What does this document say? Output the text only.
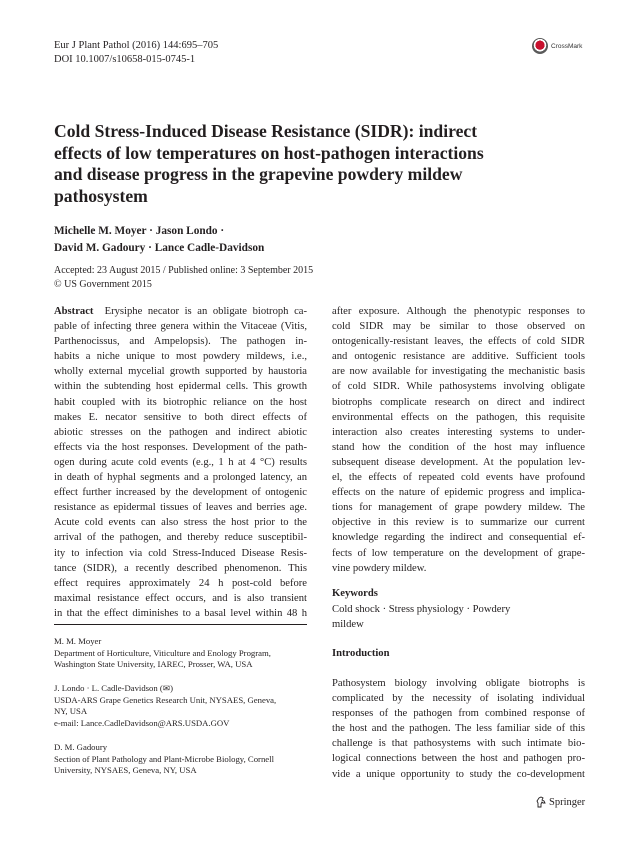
Eur J Plant Pathol (2016) 144:695–705
DOI 10.1007/s10658-015-0745-1
CrossMark
Cold Stress-Induced Disease Resistance (SIDR): indirect
effects of low temperatures on host-pathogen interactions
and disease progress in the grapevine powdery mildew
pathosystem
Michelle M. Moyer · Jason Londo ·
David M. Gadoury · Lance Cadle-Davidson
Accepted: 23 August 2015 / Published online: 3 September 2015
© US Government 2015
Abstract Erysiphe necator is an obligate biotroph ca-
pable of infecting three genera within the Vitaceae (Vitis,
Parthenocissus, and Ampelopsis). The pathogen in-
habits a niche unique to most powdery mildews, i.e.,
wholly external mycelial growth supported by haustoria
within the subtending host epidermal cells. This growth
habit coupled with its biotrophic reliance on the host
makes E. necator sensitive to both direct effects of
abiotic stresses on the pathogen and indirect abiotic
effects via the host responses. Development of the path-
ogen during acute cold events (e.g., 1 h at 4 °C) results
in death of hyphal segments and a prolonged latency, an
effect further increased by the development of ontogenic
resistance as epidermal tissues of leaves and berries age.
Acute cold events can also stress the host prior to the
arrival of the pathogen, and thereby reduce susceptibil-
ity to infection via cold Stress-Induced Disease Resis-
tance (SIDR), a recently described phenomenon. This
effect requires approximately 24 h post-cold before
maximal resistance effect occurs, and is also transient
in that the effect diminishes to a basal level within 48 h
after exposure. Although the phenotypic responses to
cold SIDR may be similar to those observed on
ontogenically-resistant leaves, the effects of cold SIDR
and ontogenic resistance are additive. Sufficient tools
are now available for investigating the mechanistic basis
of cold SIDR. While pathosystems involving obligate
biotrophs complicate research on direct and indirect
environmental effects on the pathogen, this requisite
interaction also creates interesting systems to under-
stand how the condition of the host may influence
subsequent disease development. At the population lev-
el, the effects of repeated cold events have profound
effects on the nature of epidemic progress and implica-
tions for management of grape powdery mildew. The
objective in this review is to summarize our current
knowledge regarding the indirect and consequential ef-
fects of low temperature on the development of grape-
vine powdery mildew.
Keywords
Cold shock · Stress physiology · Powdery
mildew
M. M. Moyer
Department of Horticulture, Viticulture and Enology Program,
Washington State University, IAREC, Prosser, WA, USA
J. Londo · L. Cadle-Davidson (✉)
USDA-ARS Grape Genetics Research Unit, NYSAES, Geneva,
NY, USA
e-mail: Lance.CadleDavidson@ARS.USDA.GOV
D. M. Gadoury
Section of Plant Pathology and Plant-Microbe Biology, Cornell
University, NYSAES, Geneva, NY, USA
Introduction
Pathosystem biology involving obligate biotrophs is
complicated by the necessity of isolating individual
responses of the pathogen from combined response of
the host and the pathogen. The less familiar side of this
challenge is that pathosystems with such intimate bio-
logical connections between the host and pathogen pro-
vide a unique opportunity to study the co-development
Springer
